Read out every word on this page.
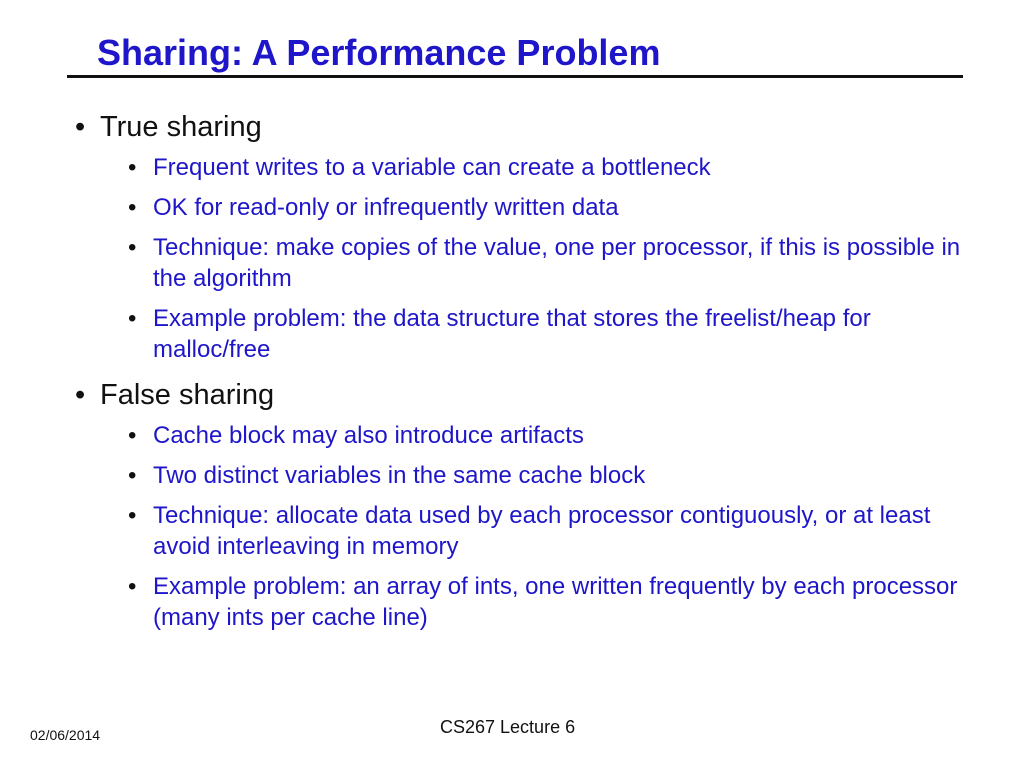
Sharing: A Performance Problem
• True sharing
• Frequent writes to a variable can create a bottleneck
• OK for read-only or infrequently written data
• Technique: make copies of the value, one per processor, if this is possible in the algorithm
• Example problem: the data structure that stores the freelist/heap for malloc/free
• False sharing
• Cache block may also introduce artifacts
• Two distinct variables in the same cache block
• Technique: allocate data used by each processor contiguously, or at least avoid interleaving in memory
• Example problem: an array of ints, one written frequently by each processor (many ints per cache line)
02/06/2014	CS267 Lecture 6
